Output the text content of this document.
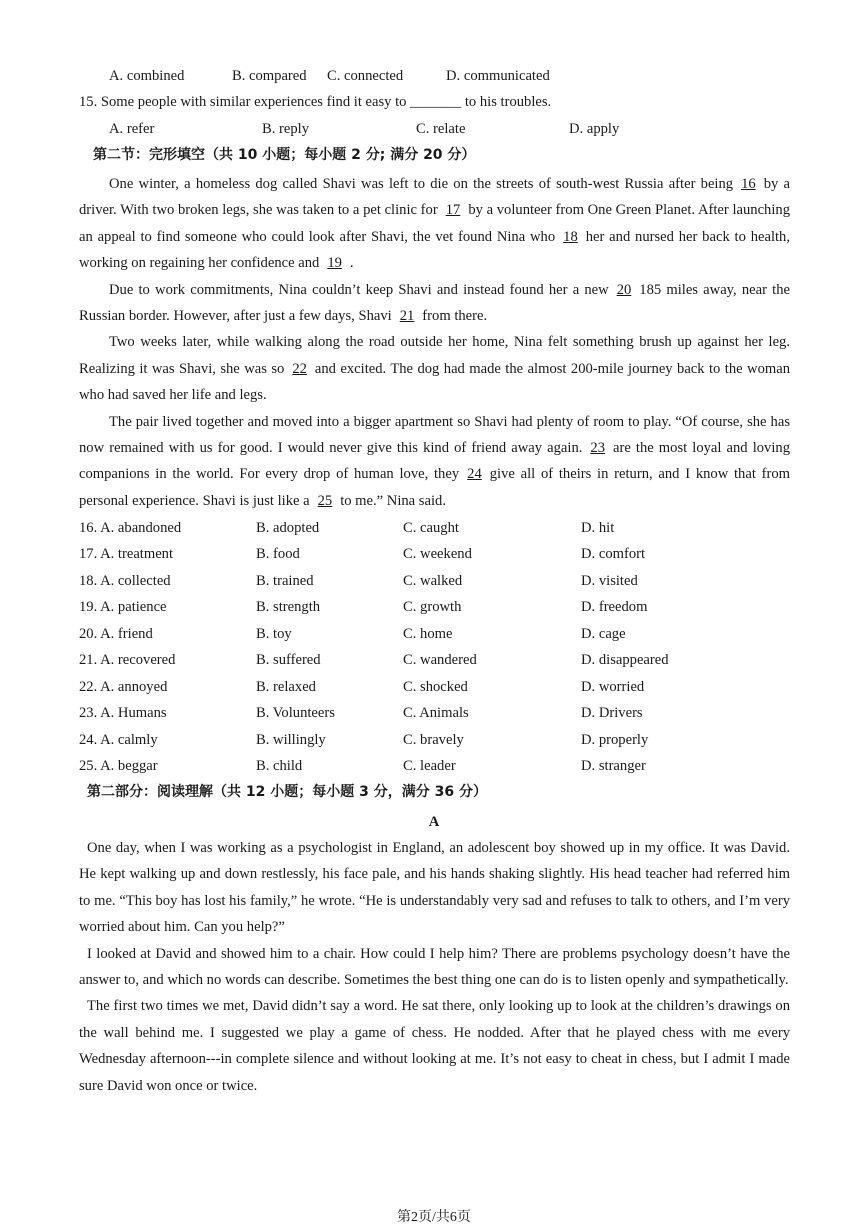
A. combined	B. compared C. connected	D. communicated
15. Some people with similar experiences find it easy to _______ to his troubles.
A. refer	B. reply	C. relate	D. apply
第二节：完形填空（共 10 小题；每小题 2 分; 满分 20 分）

One winter, a homeless dog called Shavi was left to die on the streets of south-west Russia after being 16 by a driver. With two broken legs, she was taken to a pet clinic for 17 by a volunteer from One Green Planet. After launching an appeal to find someone who could look after Shavi, the vet found Nina who 18 her and nursed her back to health, working on regaining her confidence and 19 .

Due to work commitments, Nina couldn’t keep Shavi and instead found her a new 20 185 miles away, near the Russian border. However, after just a few days, Shavi 21 from there.

Two weeks later, while walking along the road outside her home, Nina felt something brush up against her leg. Realizing it was Shavi, she was so 22 and excited. The dog had made the almost 200-mile journey back to the woman who had saved her life and legs.

The pair lived together and moved into a bigger apartment so Shavi had plenty of room to play. “Of course, she has now remained with us for good. I would never give this kind of friend away again. 23 are the most loyal and loving companions in the world. For every drop of human love, they 24 give all of theirs in return, and I know that from personal experience. Shavi is just like a 25 to me.” Nina said.

16. A. abandoned	B. adopted	C. caught	D. hit
17. A. treatment	B. food	C. weekend	D. comfort
18. A. collected	B. trained	C. walked	D. visited
19. A. patience	B. strength	C. growth	D. freedom
20. A. friend	B. toy	C. home	D. cage
21. A. recovered	B. suffered	C. wandered	D. disappeared
22. A. annoyed	B. relaxed	C. shocked	D. worried
23. A. Humans	B. Volunteers	C. Animals	D. Drivers
24. A. calmly	B. willingly	C. bravely	D. properly
25. A. beggar	B. child	C. leader	D. stranger
第二部分：阅读理解（共 12 小题；每小题 3 分，满分 36 分）
A

One day, when I was working as a psychologist in England, an adolescent boy showed up in my office. It was David. He kept walking up and down restlessly, his face pale, and his hands shaking slightly. His head teacher had referred him to me. “This boy has lost his family,” he wrote. “He is understandably very sad and refuses to talk to others, and I’m very worried about him. Can you help?”

I looked at David and showed him to a chair. How could I help him? There are problems psychology doesn’t have the answer to, and which no words can describe. Sometimes the best thing one can do is to listen openly and sympathetically.

The first two times we met, David didn’t say a word. He sat there, only looking up to look at the children’s drawings on the wall behind me. I suggested we play a game of chess. He nodded. After that he played chess with me every Wednesday afternoon---in complete silence and without looking at me. It’s not easy to cheat in chess, but I admit I made sure David won once or twice.

第2页/共6页
